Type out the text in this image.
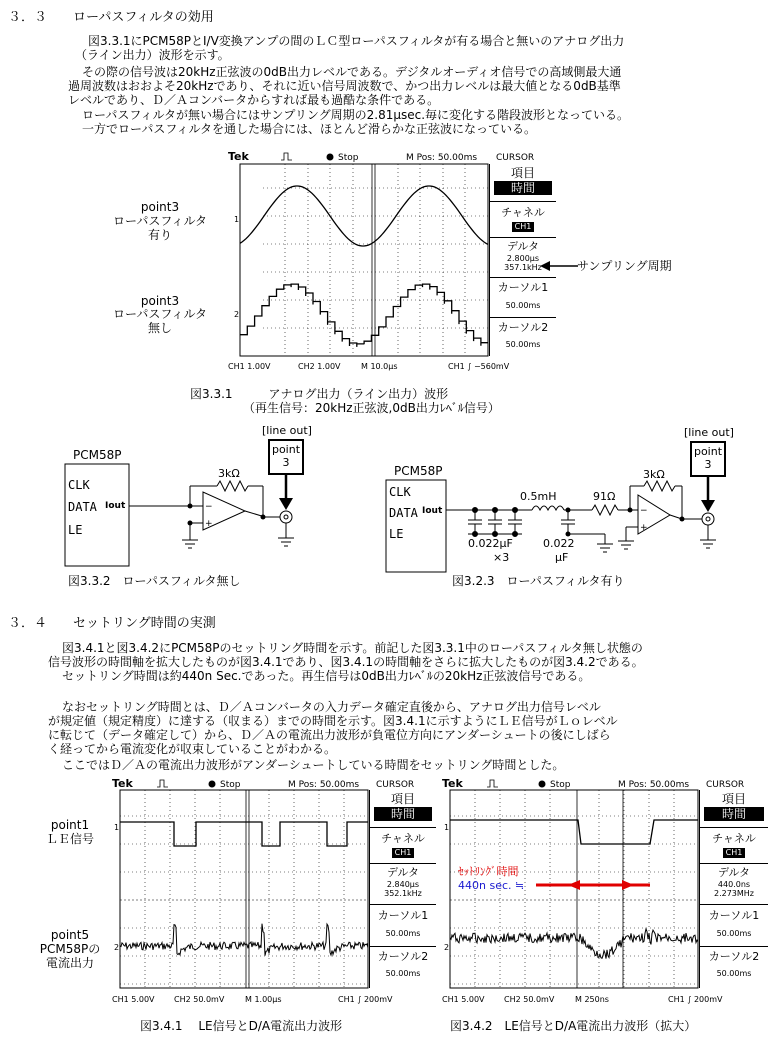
３．３　　ローパスフィルタの効用
図3.3.1にPCM58PとI/V変換アンプの間のＬＣ型ローパスフィルタが有る場合と無いのアナログ出力
（ライン出力）波形を示す。
その際の信号波は20kHz正弦波の0dB出力レベルである。デジタルオーディオ信号での高域側最大通
過周波数はおおよそ20kHzであり、それに近い信号周波数で、かつ出力レベルは最大値となる0dB基準
レベルであり、Ｄ／Ａコンバータからすれば最も過酷な条件である。
ローパスフィルタが無い場合にはサンプリング周期の2.81μsec.毎に変化する階段波形となっている。
一方でローパスフィルタを通した場合には、ほとんど滑らかな正弦波になっている。
Tek
1
2
Stop	M Pos: 50.00ms CURSOR
CH1 1.00V	CH2 1.00V	M 10.0μs	CH1 ∫ −560mV
項目
時間
チャネル
CH1
デルタ
2.800μs
357.1kHz
カーソル1
50.00ms
カーソル2
50.00ms
point3
ローパスフィルタ
有り
point3
ローパスフィルタ
無し
サンプリング周期
図3.3.1　　　アナログ出力（ライン出力）波形
（再生信号：20kHz正弦波,0dB出力ﾚﾍﾞﾙ信号）
−
+
PCM58P
CLK
DATA Iout
LE
3kΩ
[line out]
point
3
図3.3.2　ローパスフィルタ無し
−
+
PCM58P
CLK
DATA Iout
LE
0.5mH	91Ω
3kΩ
0.022μF
×3
0.022
μF
[line out]
point
3
図3.2.3　ローパスフィルタ有り
３．４　　セットリング時間の実測
図3.4.1と図3.4.2にPCM58Pのセットリング時間を示す。前記した図3.3.1中のローパスフィルタ無し状態の
信号波形の時間軸を拡大したものが図3.4.1であり、図3.4.1の時間軸をさらに拡大したものが図3.4.2である。
セットリング時間は約440n Sec.であった。再生信号は0dB出力ﾚﾍﾞﾙの20kHz正弦波信号である。
なおセットリング時間とは、Ｄ／Ａコンバータの入力データ確定直後から、アナログ出力信号レベル
が規定値（規定精度）に達する（収まる）までの時間を示す。図3.4.1に示すようにＬＥ信号がＬｏレベル
に転じて（データ確定して）から、Ｄ／Ａの電流出力波形が負電位方向にアンダーシュートの後にしばら
く経ってから電流変化が収束していることがわかる。
ここではＤ／Ａの電流出力波形がアンダーシュートしている時間をセットリング時間とした。
Tek
1
2
Stop	M Pos: 50.00ms CURSOR
CH1 5.00V CH2 50.0mV	M 1.00μs	CH1 ∫ 200mV
項目
時間
チャネル
CH1
デルタ
2.840μs
352.1kHz
カーソル1
50.00ms
カーソル2
50.00ms
point1
ＬＥ信号
point5
PCM58Pの
電流出力
図3.4.1　 LE信号とD/A電流出力波形
Tek
1
2
Stop	M Pos: 50.00ms CURSOR
CH1 5.00V CH2 50.0mV	M 250ns	CH1 ∫ 200mV
ｾｯﾄﾘﾝｸﾞ時間
440n sec. ≒
項目
時間
チャネル
CH1
デルタ
440.0ns
2.273MHz
カーソル1
50.00ms
カーソル2
50.00ms
図3.4.2　LE信号とD/A電流出力波形（拡大）
